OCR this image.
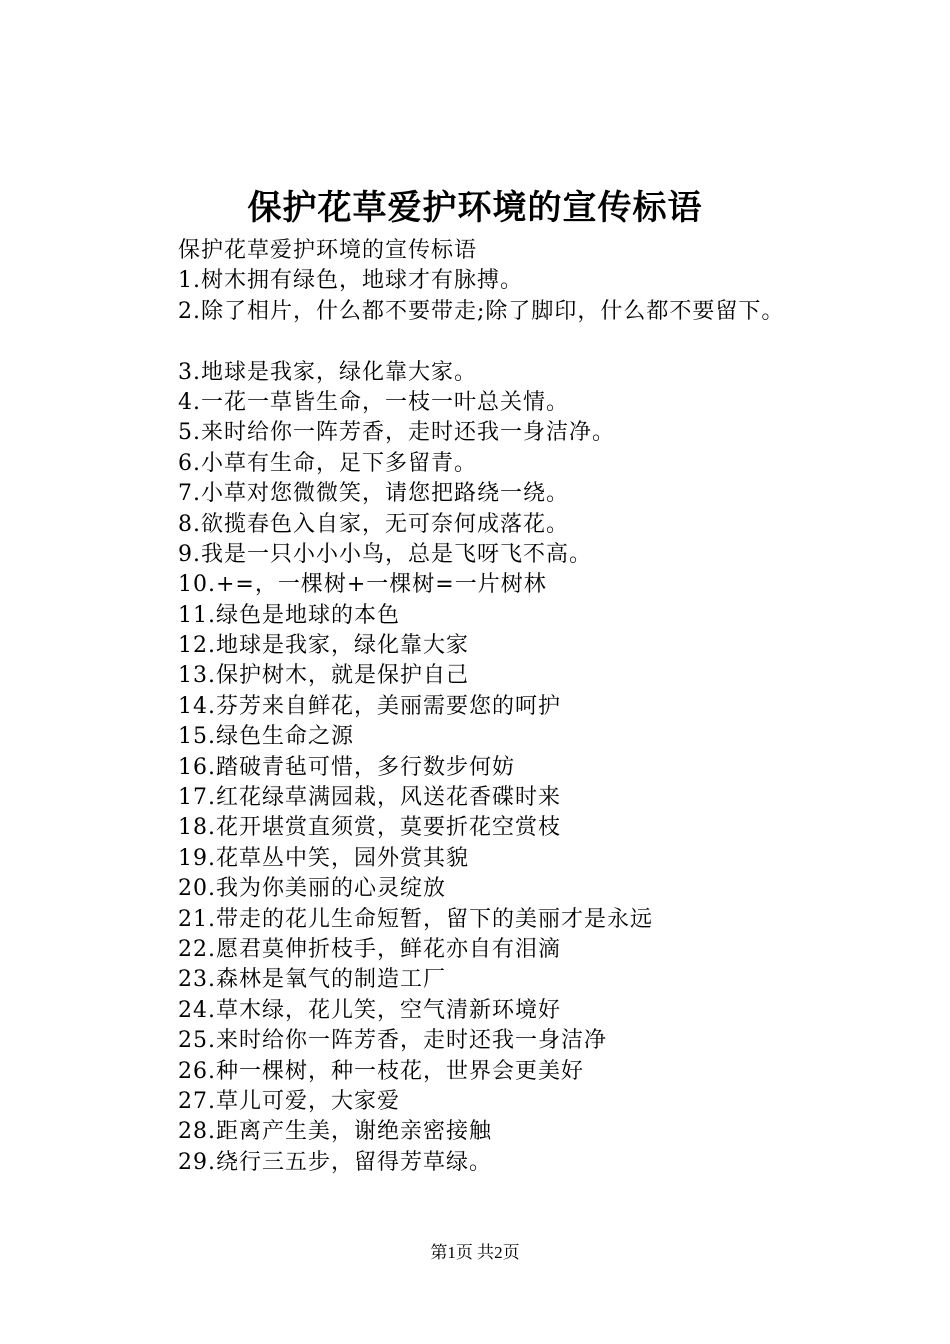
保护花草爱护环境的宣传标语
保护花草爱护环境的宣传标语
1.树木拥有绿色，地球才有脉搏。
2.除了相片，什么都不要带走;除了脚印，什么都不要留下。
3.地球是我家，绿化靠大家。
4.一花一草皆生命，一枝一叶总关情。
5.来时给你一阵芳香，走时还我一身洁净。
6.小草有生命，足下多留青。
7.小草对您微微笑，请您把路绕一绕。
8.欲揽春色入自家，无可奈何成落花。
9.我是一只小小小鸟，总是飞呀飞不高。
10.+=，一棵树+一棵树=一片树林
11.绿色是地球的本色
12.地球是我家，绿化靠大家
13.保护树木，就是保护自己
14.芬芳来自鲜花，美丽需要您的呵护
15.绿色生命之源
16.踏破青毡可惜，多行数步何妨
17.红花绿草满园栽，风送花香碟时来
18.花开堪赏直须赏，莫要折花空赏枝
19.花草丛中笑，园外赏其貌
20.我为你美丽的心灵绽放
21.带走的花儿生命短暂，留下的美丽才是永远
22.愿君莫伸折枝手，鲜花亦自有泪滴
23.森林是氧气的制造工厂
24.草木绿，花儿笑，空气清新环境好
25.来时给你一阵芳香，走时还我一身洁净
26.种一棵树，种一枝花，世界会更美好
27.草儿可爱，大家爱
28.距离产生美，谢绝亲密接触
29.绕行三五步，留得芳草绿。
第1页 共2页
